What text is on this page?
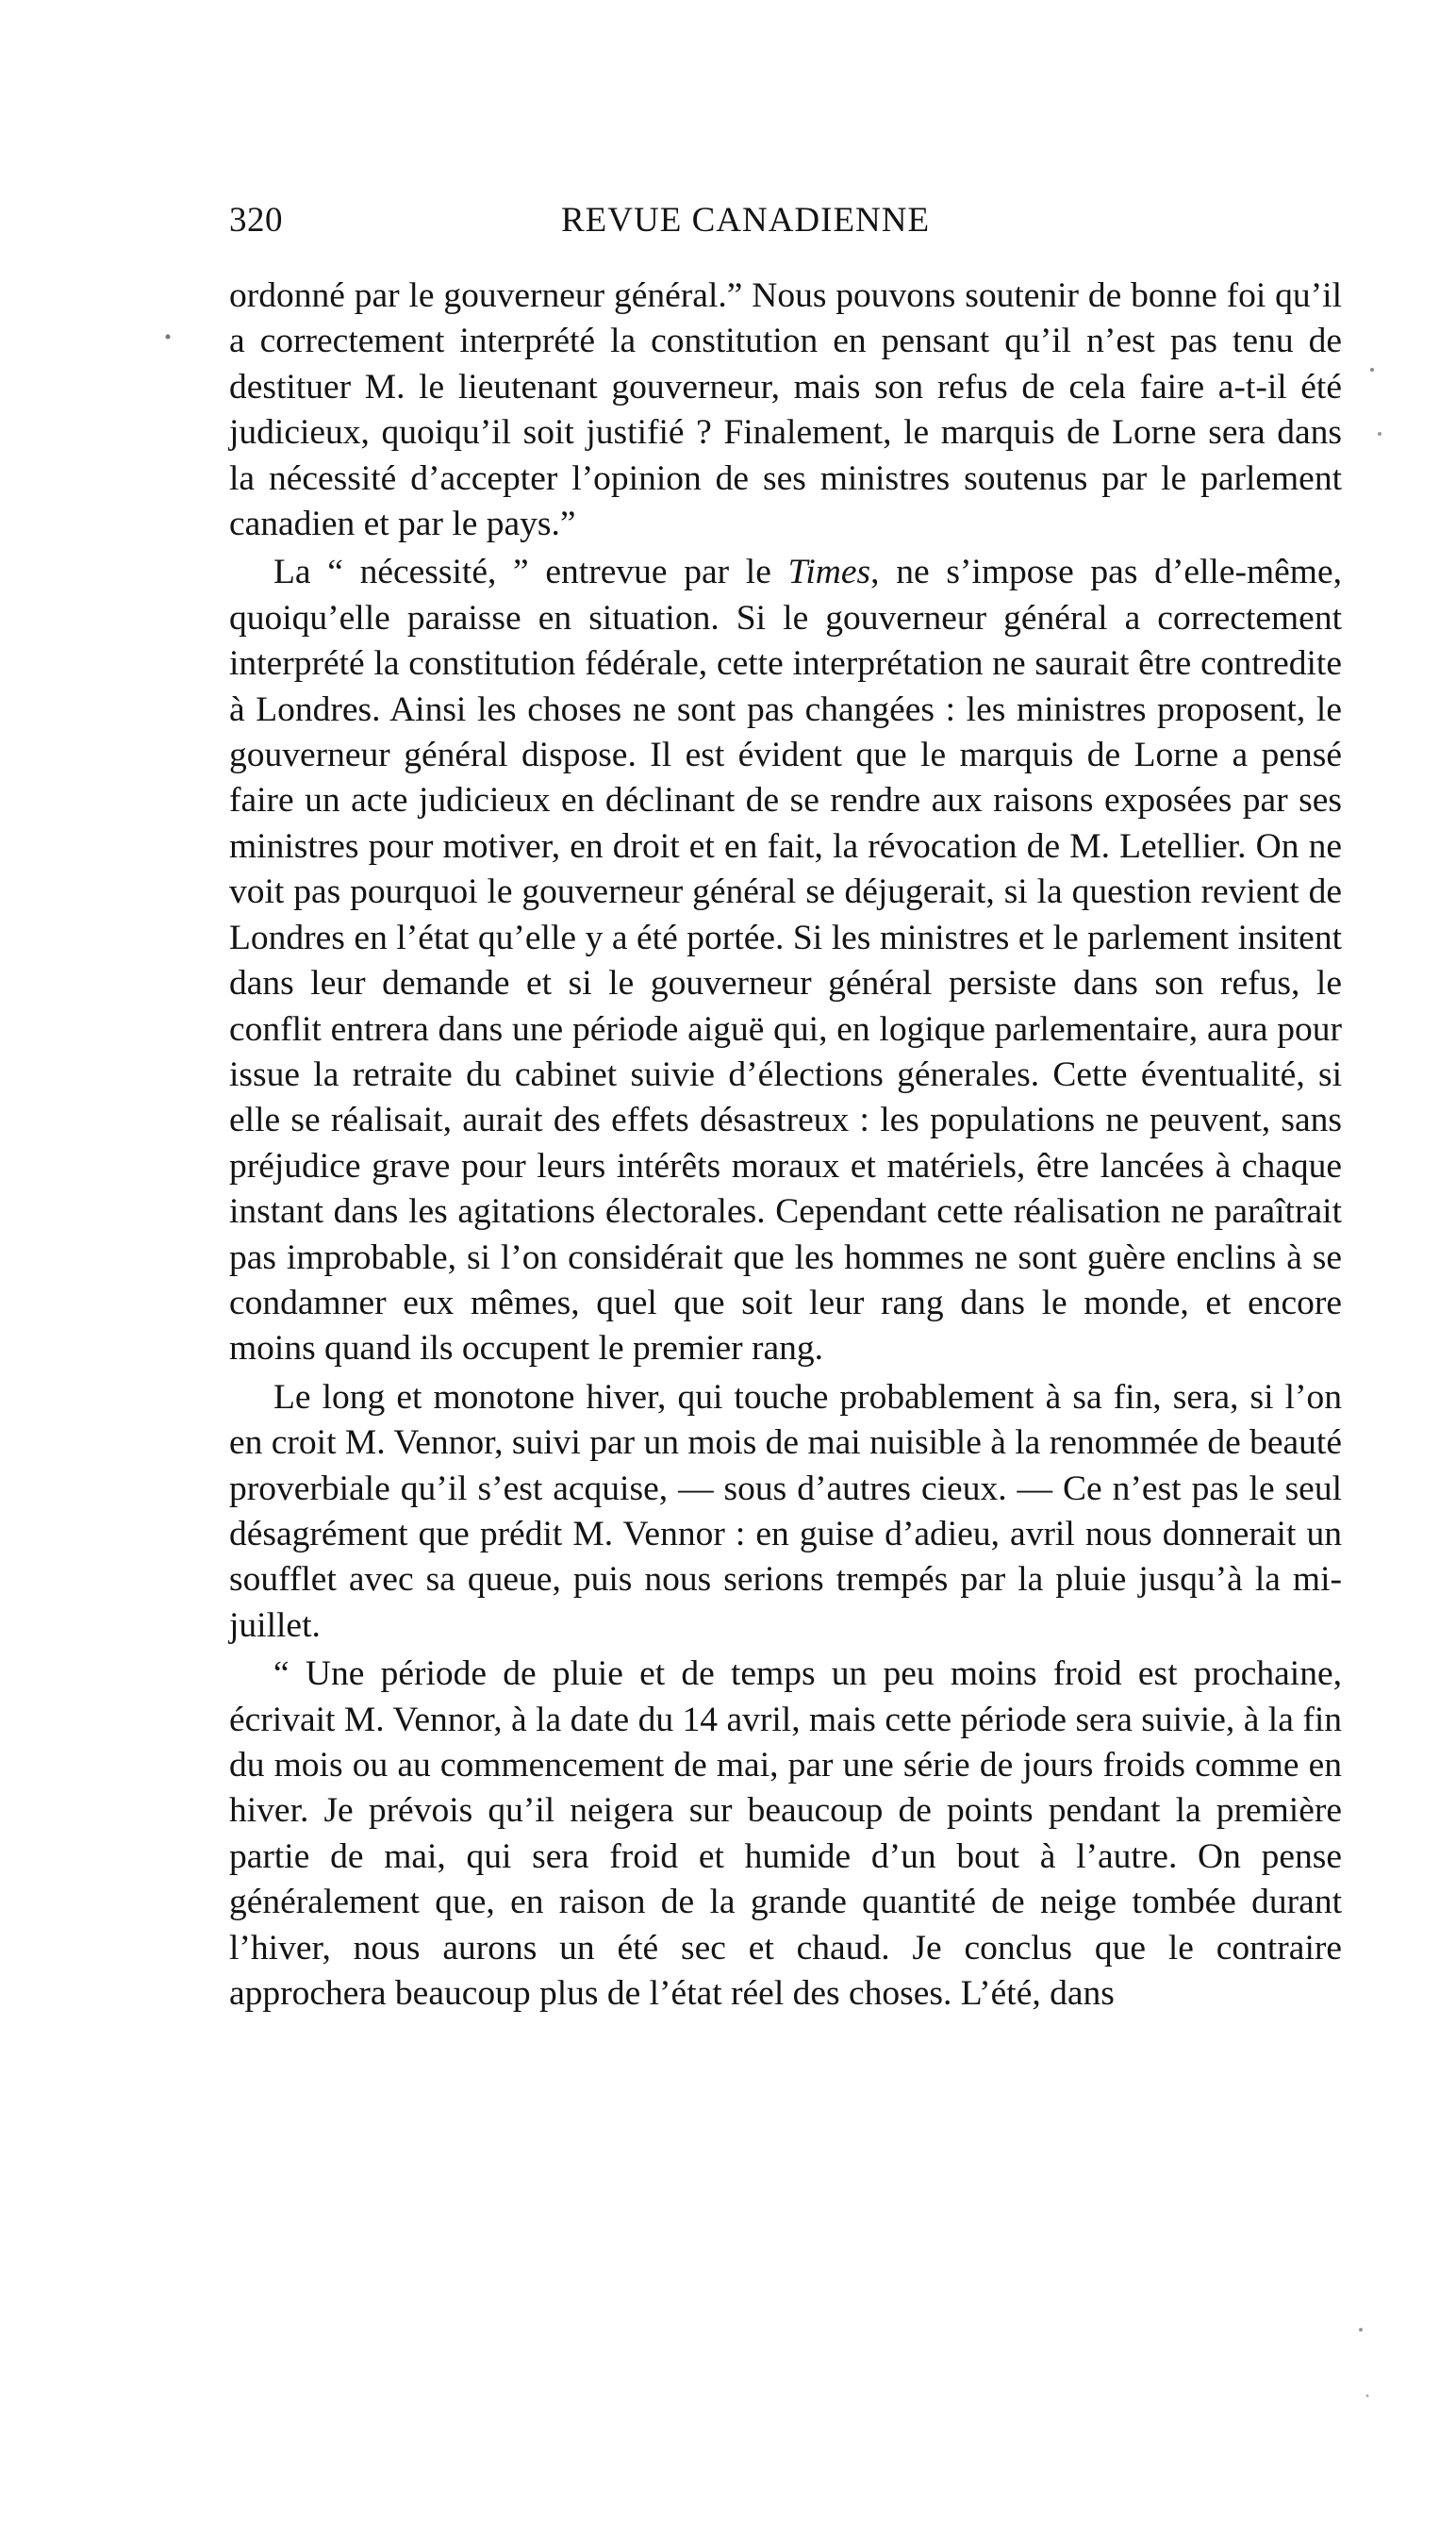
320	REVUE CANADIENNE

ordonné par le gouverneur général.” Nous pouvons soutenir de bonne foi qu’il a correctement interprété la constitution en pensant qu’il n’est pas tenu de destituer M. le lieutenant gouverneur, mais son refus de cela faire a-t-il été judicieux, quoiqu’il soit justifié ? Finalement, le marquis de Lorne sera dans la nécessité d’accepter l’opinion de ses ministres soutenus par le parlement canadien et par le pays.”

La “ nécessité, ” entrevue par le Times, ne s’impose pas d’elle-même, quoiqu’elle paraisse en situation. Si le gouverneur général a correctement interprété la constitution fédérale, cette interprétation ne saurait être contredite à Londres. Ainsi les choses ne sont pas changées : les ministres proposent, le gouverneur général dispose. Il est évident que le marquis de Lorne a pensé faire un acte judicieux en déclinant de se rendre aux raisons exposées par ses ministres pour motiver, en droit et en fait, la révocation de M. Letellier. On ne voit pas pourquoi le gouverneur général se déjugerait, si la question revient de Londres en l’état qu’elle y a été portée. Si les ministres et le parlement insitent dans leur demande et si le gouverneur général persiste dans son refus, le conflit entrera dans une période aiguë qui, en logique parlementaire, aura pour issue la retraite du cabinet suivie d’élections génerales. Cette éventualité, si elle se réalisait, aurait des effets désastreux : les populations ne peuvent, sans préjudice grave pour leurs intérêts moraux et matériels, être lancées à chaque instant dans les agitations électorales. Cependant cette réalisation ne paraîtrait pas improbable, si l’on considérait que les hommes ne sont guère enclins à se condamner eux mêmes, quel que soit leur rang dans le monde, et encore moins quand ils occupent le premier rang.

Le long et monotone hiver, qui touche probablement à sa fin, sera, si l’on en croit M. Vennor, suivi par un mois de mai nuisible à la renommée de beauté proverbiale qu’il s’est acquise, — sous d’autres cieux. — Ce n’est pas le seul désagrément que prédit M. Vennor : en guise d’adieu, avril nous donnerait un soufflet avec sa queue, puis nous serions trempés par la pluie jusqu’à la mi-juillet.

“ Une période de pluie et de temps un peu moins froid est prochaine, écrivait M. Vennor, à la date du 14 avril, mais cette période sera suivie, à la fin du mois ou au commencement de mai, par une série de jours froids comme en hiver. Je prévois qu’il neigera sur beaucoup de points pendant la première partie de mai, qui sera froid et humide d’un bout à l’autre. On pense généralement que, en raison de la grande quantité de neige tombée durant l’hiver, nous aurons un été sec et chaud. Je conclus que le contraire approchera beaucoup plus de l’état réel des choses. L’été, dans
